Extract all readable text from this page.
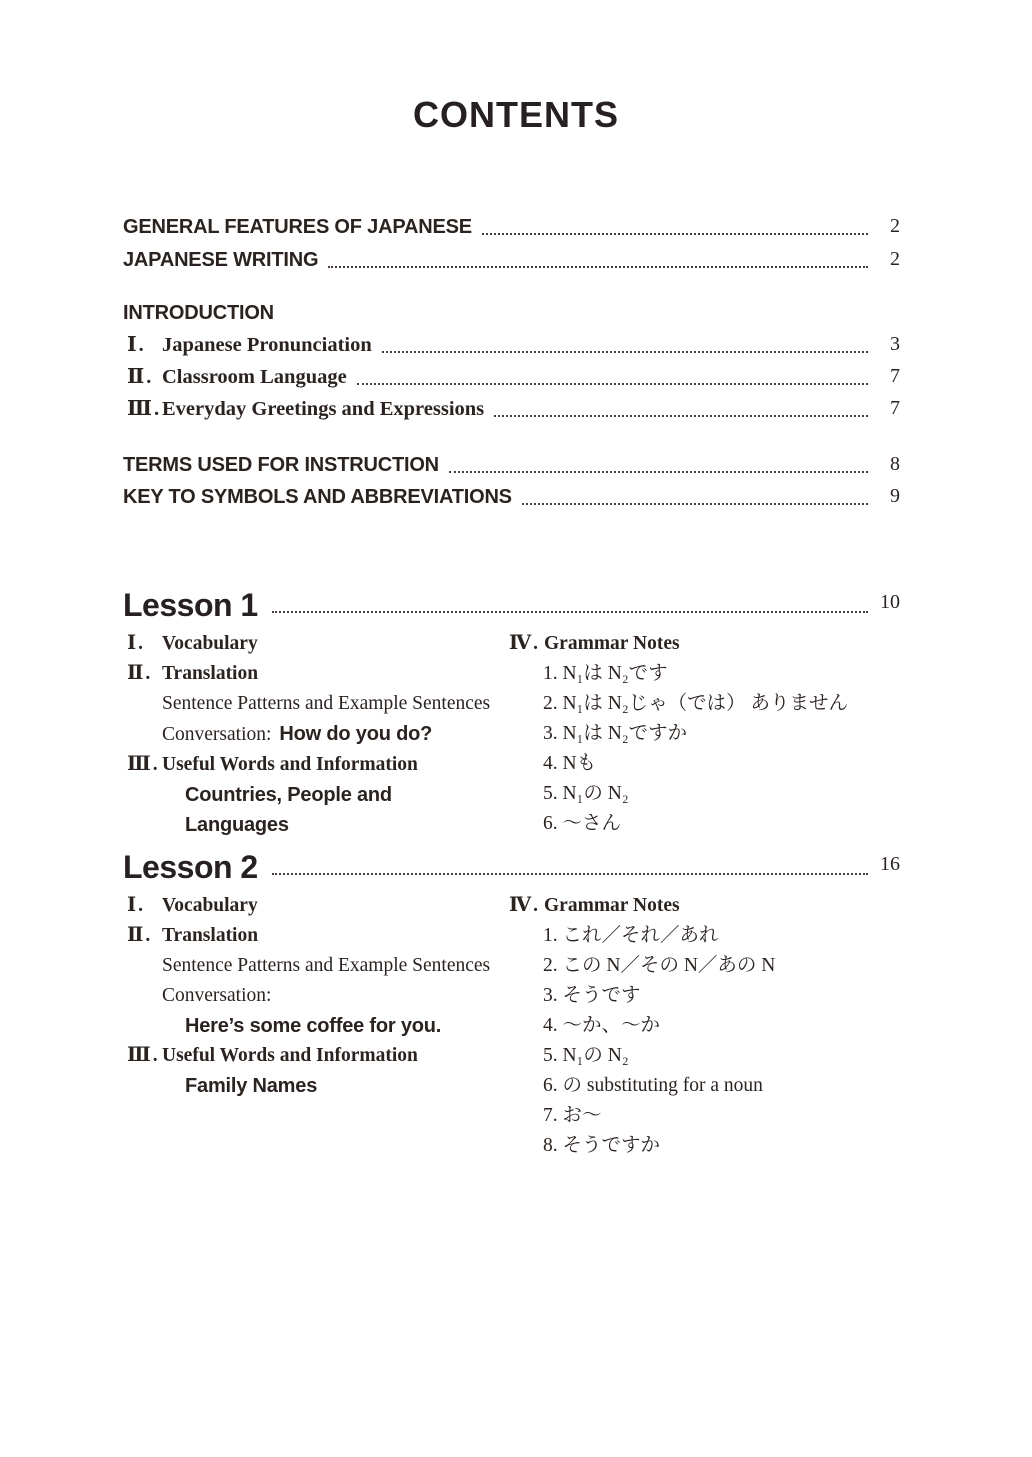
CONTENTS
GENERAL FEATURES OF JAPANESE	2
JAPANESE WRITING	2
INTRODUCTION
Ⅰ. Japanese Pronunciation	3
Ⅱ. Classroom Language	7
Ⅲ.Everyday Greetings and Expressions	7
TERMS USED FOR INSTRUCTION	8
KEY TO SYMBOLS AND ABBREVIATIONS	9
Lesson 1	10
Ⅰ. Vocabulary
Ⅱ. Translation
Sentence Patterns and Example Sentences
Conversation: How do you do?
Ⅲ. Useful Words and Information
Countries, People and
Languages
Ⅳ. Grammar Notes
1. N₁は N₂です
2. N₁は N₂じゃ（では） ありません
3. N₁は N₂ですか
4. Nも
5. N₁の N₂
6. ～さん
Lesson 2	16
Ⅰ. Vocabulary
Ⅱ. Translation
Sentence Patterns and Example Sentences
Conversation:
Here’s some coffee for you.
Ⅲ. Useful Words and Information
Family Names
Ⅳ. Grammar Notes
1. これ／それ／あれ
2. この N／その N／あの N
3. そうです
4. ～か、～か
5. N₁の N₂
6. の substituting for a noun
7. お～
8. そうですか
